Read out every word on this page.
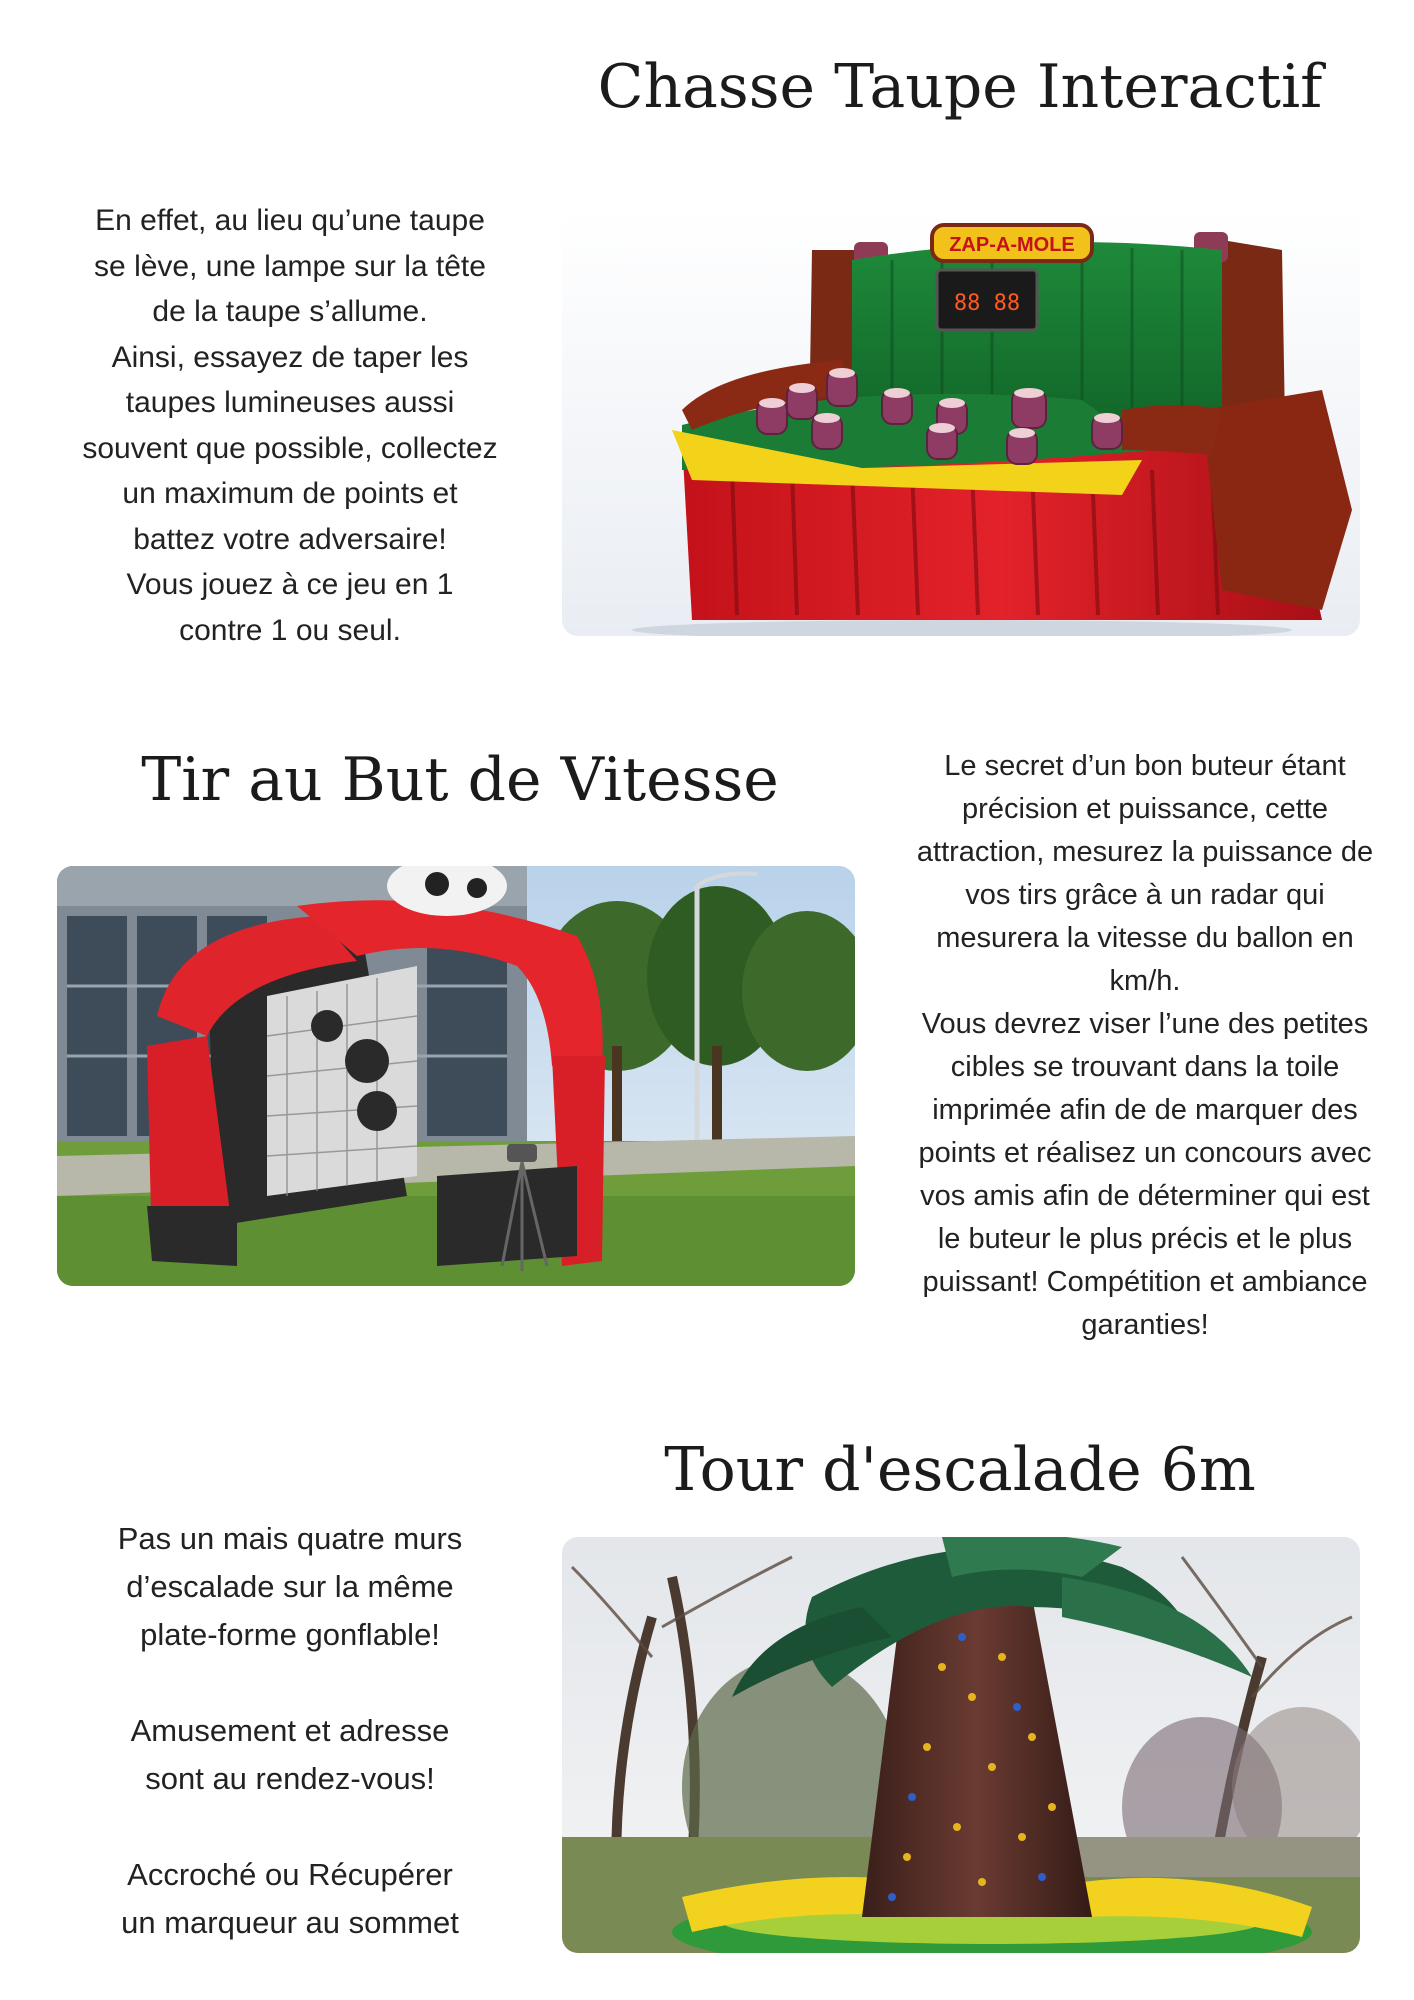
Chasse Taupe Interactif

En effet, au lieu qu’une taupe

se lève, une lampe sur la tête

de la taupe s’allume.

Ainsi, essayez de taper les

taupes lumineuses aussi

souvent que possible, collectez

un maximum de points et

battez votre adversaire!

Vous jouez à ce jeu en 1

contre 1 ou seul.

ZAP-A-MOLE
88 88
Tir au But de Vitesse	Le secret d’un bon buteur étant

précision et puissance, cette

attraction, mesurez la puissance de

vos tirs grâce à un radar qui

mesurera la vitesse du ballon en

km/h.

Vous devrez viser l’une des petites

cibles se trouvant dans la toile

imprimée afin de de marquer des

points et réalisez un concours avec

vos amis afin de déterminer qui est

le buteur le plus précis et le plus

puissant! Compétition et ambiance

garanties!

Tour d'escalade 6m

Pas un mais quatre murs

d’escalade sur la même

plate-forme gonflable!

Amusement et adresse

sont au rendez-vous!

Accroché ou Récupérer

un marqueur au sommet
